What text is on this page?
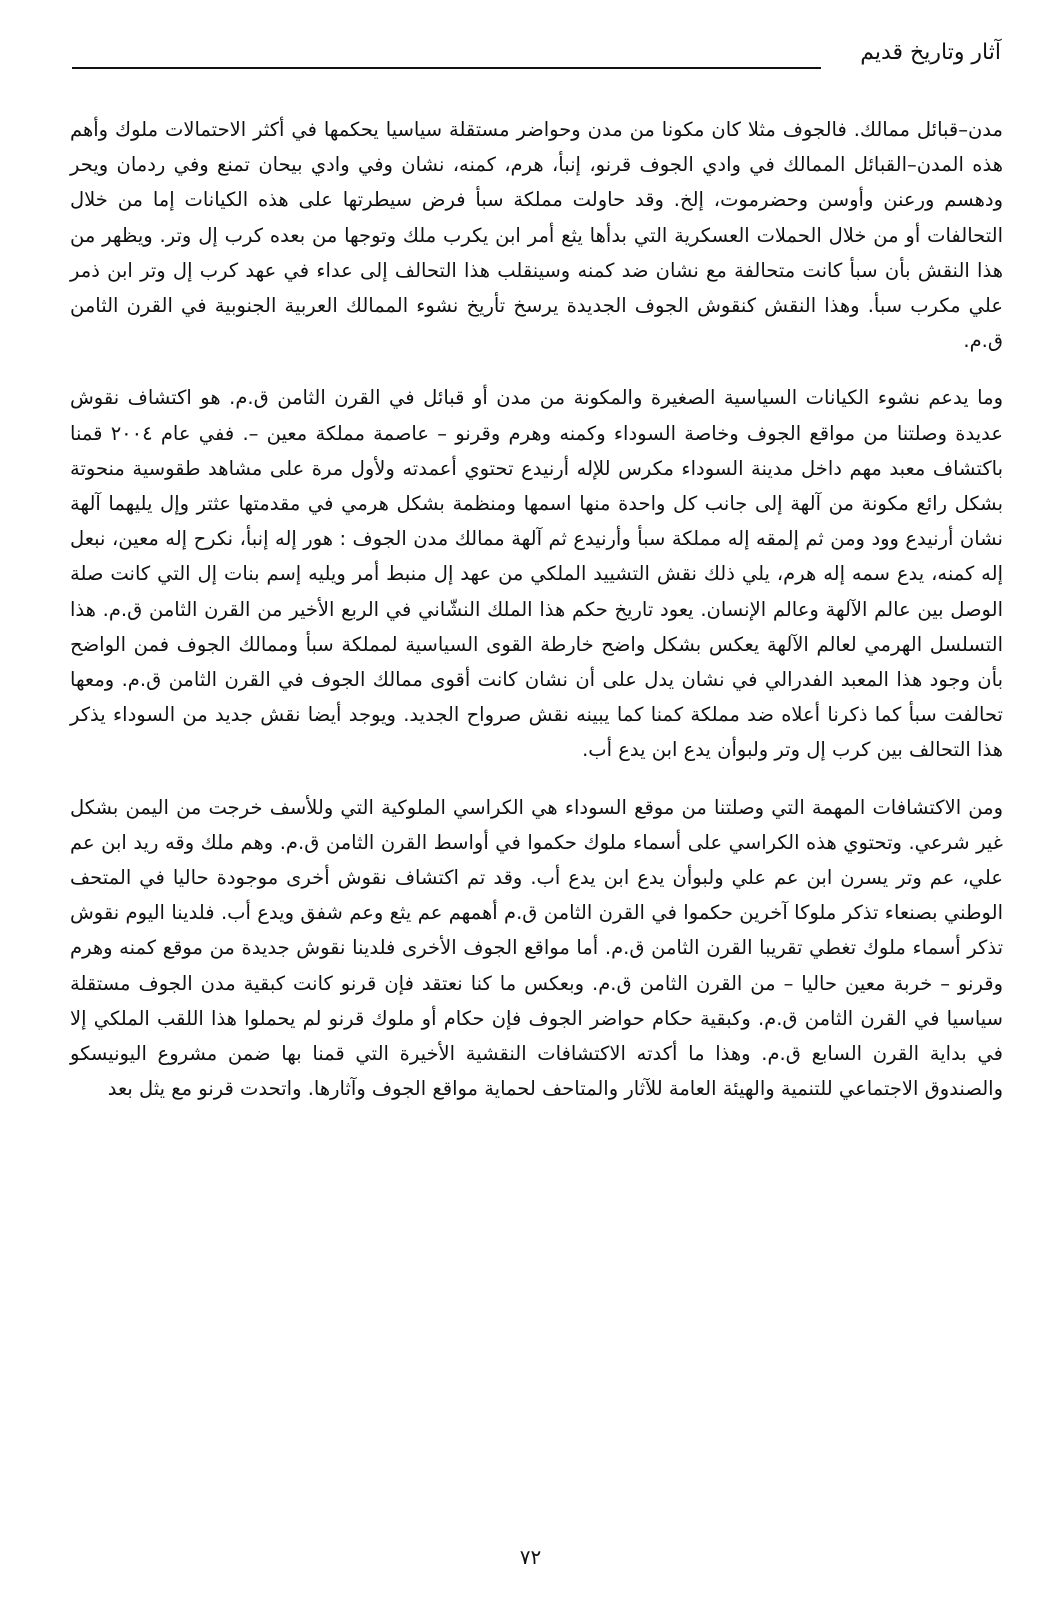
آثار وتاريخ قديم

مدن–قبائل ممالك. فالجوف مثلا كان مكونا من مدن وحواضر مستقلة سياسيا يحكمها في أكثر الاحتمالات ملوك وأهم هذه المدن–القبائل الممالك في وادي الجوف قرنو، إنبأ، هرم، كمنه، نشان وفي وادي بيحان تمنع وفي ردمان ويحر ودهسم ورعنن وأوسن وحضرموت، إلخ. وقد حاولت مملكة سبأ فرض سيطرتها على هذه الكيانات إما من خلال التحالفات أو من خلال الحملات العسكرية التي بدأها يثع أمر ابن يكرب ملك وتوجها من بعده كرب إل وتر. ويظهر من هذا النقش بأن سبأ كانت متحالفة مع نشان ضد كمنه وسينقلب هذا التحالف إلى عداء في عهد كرب إل وتر ابن ذمر علي مكرب سبأ. وهذا النقش كنقوش الجوف الجديدة يرسخ تأريخ نشوء الممالك العربية الجنوبية في القرن الثامن ق.م.

وما يدعم نشوء الكيانات السياسية الصغيرة والمكونة من مدن أو قبائل في القرن الثامن ق.م. هو اكتشاف نقوش عديدة وصلتنا من مواقع الجوف وخاصة السوداء وكمنه وهرم وقرنو – عاصمة مملكة معين –. ففي عام ٢٠٠٤ قمنا باكتشاف معبد مهم داخل مدينة السوداء مكرس للإله أرنيدع تحتوي أعمدته ولأول مرة على مشاهد طقوسية منحوتة بشكل رائع مكونة من آلهة إلى جانب كل واحدة منها اسمها ومنظمة بشكل هرمي في مقدمتها عثتر وإل يليهما آلهة نشان أرنيدع وود ومن ثم إلمقه إله مملكة سبأ وأرنيدع ثم آلهة ممالك مدن الجوف : هور إله إنبأ، نكرح إله معين، نبعل إله كمنه، يدع سمه إله هرم، يلي ذلك نقش التشييد الملكي من عهد إل منبط أمر ويليه إسم بنات إل التي كانت صلة الوصل بين عالم الآلهة وعالم الإنسان. يعود تاريخ حكم هذا الملك النشّاني في الربع الأخير من القرن الثامن ق.م. هذا التسلسل الهرمي لعالم الآلهة يعكس بشكل واضح خارطة القوى السياسية لمملكة سبأ وممالك الجوف فمن الواضح بأن وجود هذا المعبد الفدرالي في نشان يدل على أن نشان كانت أقوى ممالك الجوف في القرن الثامن ق.م. ومعها تحالفت سبأ كما ذكرنا أعلاه ضد مملكة كمنا كما يبينه نقش صرواح الجديد. ويوجد أيضا نقش جديد من السوداء يذكر هذا التحالف بين كرب إل وتر ولبوأن يدع ابن يدع أب.

ومن الاكتشافات المهمة التي وصلتنا من موقع السوداء هي الكراسي الملوكية التي وللأسف خرجت من اليمن بشكل غير شرعي. وتحتوي هذه الكراسي على أسماء ملوك حكموا في أواسط القرن الثامن ق.م. وهم ملك وقه ريد ابن عم علي، عم وتر يسرن ابن عم علي ولبوأن يدع ابن يدع أب. وقد تم اكتشاف نقوش أخرى موجودة حاليا في المتحف الوطني بصنعاء تذكر ملوكا آخرين حكموا في القرن الثامن ق.م أهمهم عم يثع وعم شفق ويدع أب. فلدينا اليوم نقوش تذكر أسماء ملوك تغطي تقريبا القرن الثامن ق.م. أما مواقع الجوف الأخرى فلدينا نقوش جديدة من موقع كمنه وهرم وقرنو – خربة معين حاليا – من القرن الثامن ق.م. وبعكس ما كنا نعتقد فإن قرنو كانت كبقية مدن الجوف مستقلة سياسيا في القرن الثامن ق.م. وكبقية حكام حواضر الجوف فإن حكام أو ملوك قرنو لم يحملوا هذا اللقب الملكي إلا في بداية القرن السابع ق.م. وهذا ما أكدته الاكتشافات النقشية الأخيرة التي قمنا بها ضمن مشروع اليونيسكو والصندوق الاجتماعي للتنمية والهيئة العامة للآثار والمتاحف لحماية مواقع الجوف وآثارها. واتحدت قرنو مع يثل بعد

٧٢
